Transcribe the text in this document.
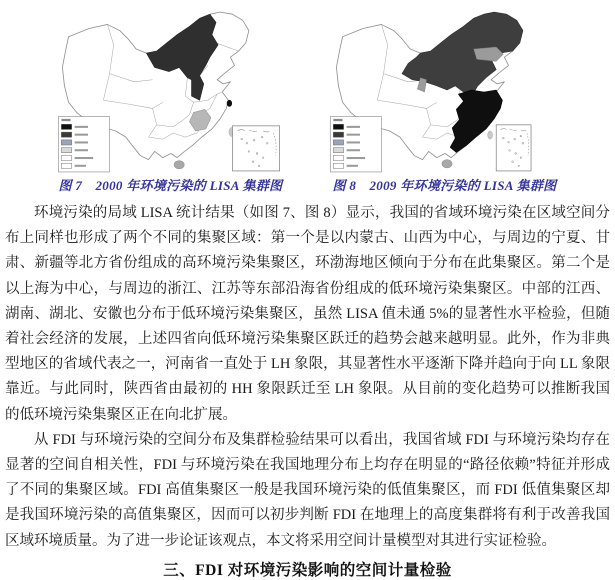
图 7　2000 年环境污染的 LISA 集群图	图 8　2009 年环境污染的 LISA 集群图

环境污染的局域 LISA 统计结果（如图 7、图 8）显示，我国的省域环境污染在区域空间分布上同样也形成了两个不同的集聚区域：第一个是以内蒙古、山西为中心，与周边的宁夏、甘肃、新疆等北方省份组成的高环境污染集聚区，环渤海地区倾向于分布在此集聚区。第二个是以上海为中心，与周边的浙江、江苏等东部沿海省份组成的低环境污染集聚区。中部的江西、湖南、湖北、安徽也分布于低环境污染集聚区，虽然 LISA 值未通 5%的显著性水平检验，但随着社会经济的发展，上述四省向低环境污染集聚区跃迁的趋势会越来越明显。此外，作为非典型地区的省域代表之一，河南省一直处于 LH 象限，其显著性水平逐渐下降并趋向于向 LL 象限靠近。与此同时，陕西省由最初的 HH 象限跃迁至 LH 象限。从目前的变化趋势可以推断我国的低环境污染集聚区正在向北扩展。

从 FDI 与环境污染的空间分布及集群检验结果可以看出，我国省域 FDI 与环境污染均存在显著的空间自相关性，FDI 与环境污染在我国地理分布上均存在明显的“路径依赖”特征并形成了不同的集聚区域。FDI 高值集聚区一般是我国环境污染的低值集聚区，而 FDI 低值集聚区却是我国环境污染的高值集聚区，因而可以初步判断 FDI 在地理上的高度集群将有利于改善我国区域环境质量。为了进一步论证该观点，本文将采用空间计量模型对其进行实证检验。

三、FDI 对环境污染影响的空间计量检验
